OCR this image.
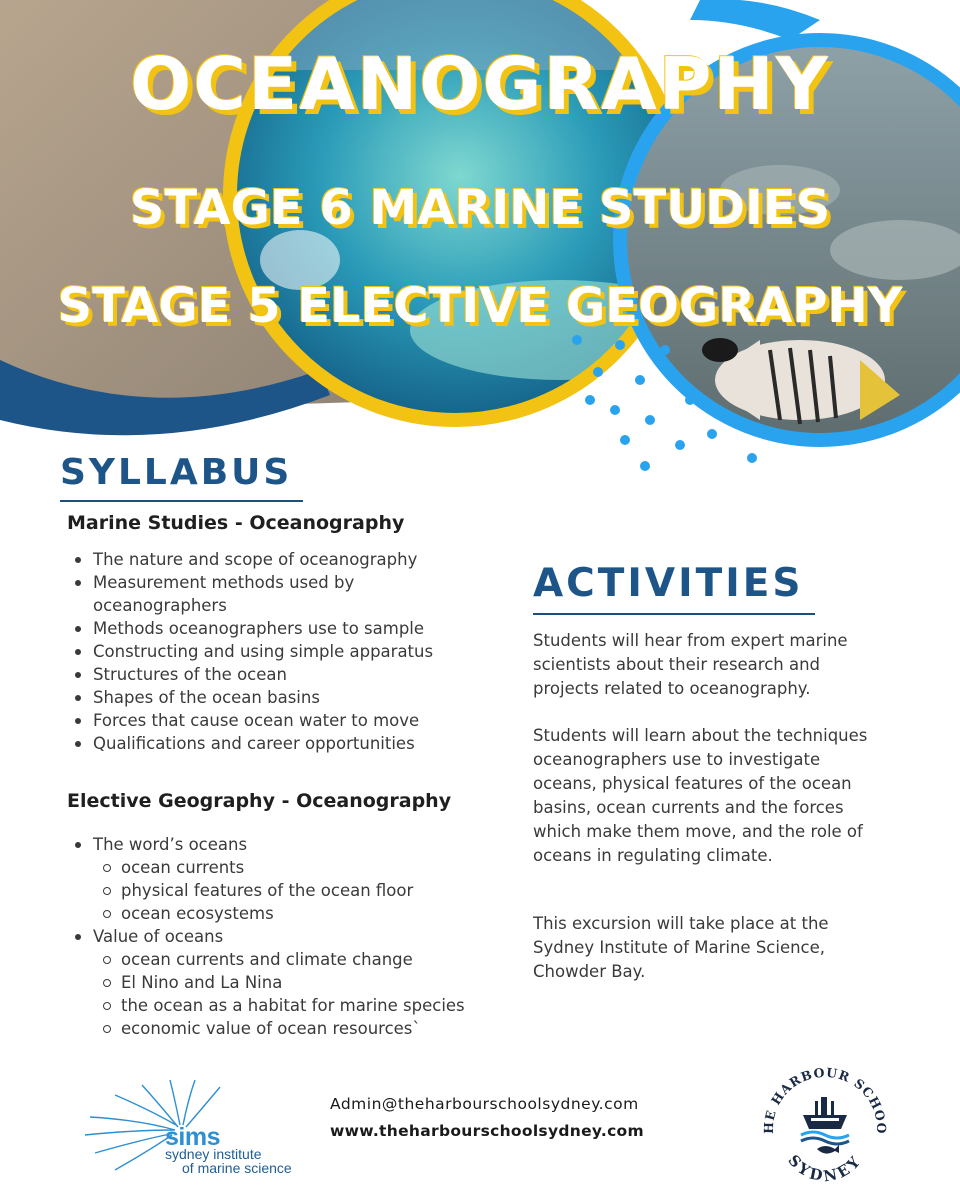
OCEANOGRAPHY
STAGE 6 MARINE STUDIES
STAGE 5 ELECTIVE GEOGRAPHY
SYLLABUS
Marine Studies - Oceanography
The nature and scope of oceanography
Measurement methods used by
oceanographers
Methods oceanographers use to sample
Constructing and using simple apparatus
Structures of the ocean
Shapes of the ocean basins
Forces that cause ocean water to move
Qualifications and career opportunities
Elective Geography - Oceanography
The word’s oceans
ocean currents
physical features of the ocean floor
ocean ecosystems
Value of oceans
ocean currents and climate change
El Nino and La Nina
the ocean as a habitat for marine species
economic value of ocean resources`
ACTIVITIES

Students will hear from expert marine scientists about their research and projects related to oceanography.

Students will learn about the techniques oceanographers use to investigate oceans, physical features of the ocean basins, ocean currents and the forces which make them move, and the role of oceans in regulating climate.

This excursion will take place at the Sydney Institute of Marine Science, Chowder Bay.

sims
sydney institute
of marine science
Admin@theharbourschoolsydney.com
www.theharbourschoolsydney.com	HE HARBOUR SCHOO
SYDNEY
